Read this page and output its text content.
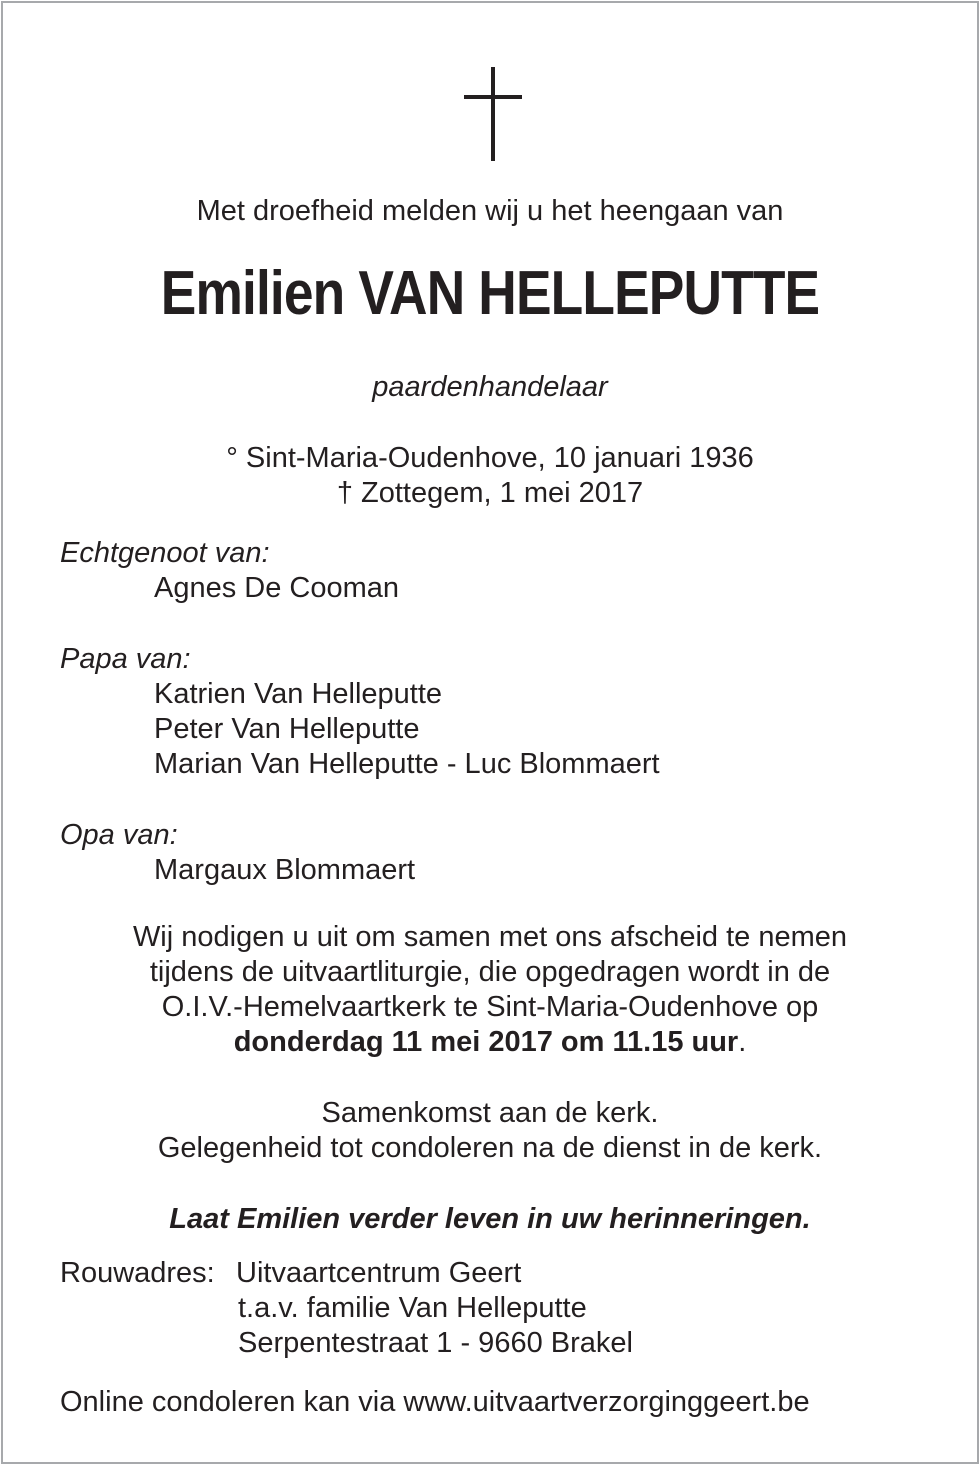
Met droefheid melden wij u het heengaan van
Emilien VAN HELLEPUTTE
paardenhandelaar
° Sint-Maria-Oudenhove, 10 januari 1936
† Zottegem, 1 mei 2017
Echtgenoot van:
Agnes De Cooman
Papa van:
Katrien Van Helleputte
Peter Van Helleputte
Marian Van Helleputte - Luc Blommaert
Opa van:
Margaux Blommaert
Wij nodigen u uit om samen met ons afscheid te nemen
tijdens de uitvaartliturgie, die opgedragen wordt in de
O.I.V.-Hemelvaartkerk te Sint-Maria-Oudenhove op
donderdag 11 mei 2017 om 11.15 uur.
Samenkomst aan de kerk.
Gelegenheid tot condoleren na de dienst in de kerk.
Laat Emilien verder leven in uw herinneringen.
Rouwadres: Uitvaartcentrum Geert
t.a.v. familie Van Helleputte
Serpentestraat 1 - 9660 Brakel
Online condoleren kan via www.uitvaartverzorginggeert.be
